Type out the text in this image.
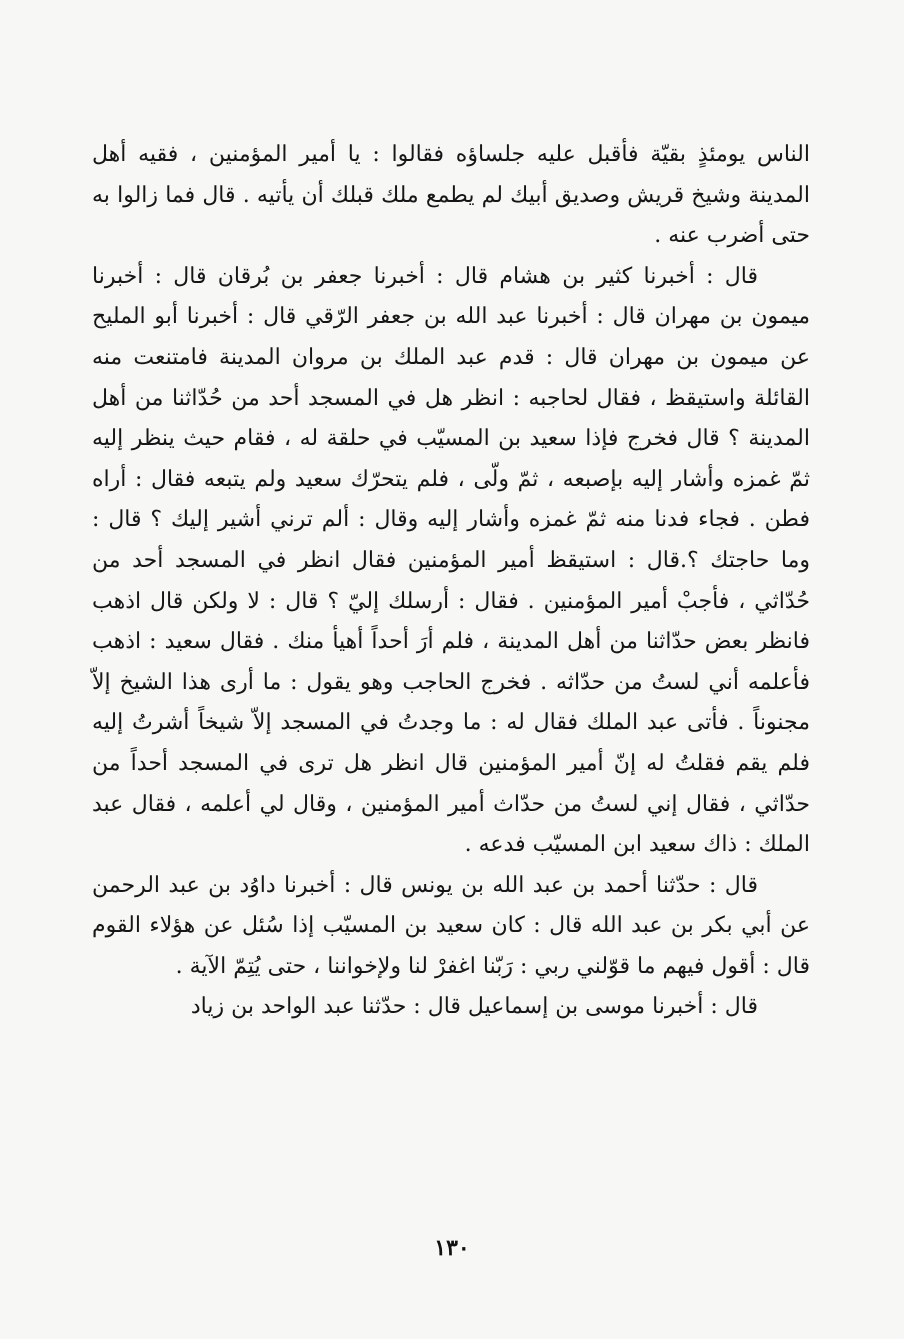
الناس يومئذٍ بقيّة فأقبل عليه جلساؤه فقالوا : يا أمير المؤمنين ، فقيه أهل المدينة وشيخ قريش وصديق أبيك لم يطمع ملك قبلك أن يأتيه . قال فما زالوا به حتى أضرب عنه .

قال : أخبرنا كثير بن هشام قال : أخبرنا جعفر بن بُرقان قال : أخبرنا ميمون بن مهران قال : أخبرنا عبد الله بن جعفر الرّقي قال : أخبرنا أبو المليح عن ميمون بن مهران قال : قدم عبد الملك بن مروان المدينة فامتنعت منه القائلة واستيقظ ، فقال لحاجبه : انظر هل في المسجد أحد من حُدّاثنا من أهل المدينة ؟ قال فخرج فإذا سعيد بن المسيّب في حلقة له ، فقام حيث ينظر إليه ثمّ غمزه وأشار إليه بإصبعه ، ثمّ ولّى ، فلم يتحرّك سعيد ولم يتبعه فقال : أراه فطن . فجاء فدنا منه ثمّ غمزه وأشار إليه وقال : ألم ترني أشير إليك ؟ قال : وما حاجتك ؟.قال : استيقظ أمير المؤمنين فقال انظر في المسجد أحد من حُدّاثي ، فأجبْ أمير المؤمنين . فقال : أرسلك إليّ ؟ قال : لا ولكن قال اذهب فانظر بعض حدّاثنا من أهل المدينة ، فلم أرَ أحداً أهيأ منك . فقال سعيد : اذهب فأعلمه أني لستُ من حدّاثه . فخرج الحاجب وهو يقول : ما أرى هذا الشيخ إلاّ مجنوناً . فأتى عبد الملك فقال له : ما وجدتُ في المسجد إلاّ شيخاً أشرتُ إليه فلم يقم فقلتُ له إنّ أمير المؤمنين قال انظر هل ترى في المسجد أحداً من حدّاثي ، فقال إني لستُ من حدّاث أمير المؤمنين ، وقال لي أعلمه ، فقال عبد الملك : ذاك سعيد ابن المسيّب فدعه .

قال : حدّثنا أحمد بن عبد الله بن يونس قال : أخبرنا داوُد بن عبد الرحمن عن أبي بكر بن عبد الله قال : كان سعيد بن المسيّب إذا سُئل عن هؤلاء القوم قال : أقول فيهم ما قوّلني ربي : رَبّنا اغفرْ لنا ولإخواننا ، حتى يُتِمّ الآية .

قال : أخبرنا موسى بن إسماعيل قال : حدّثنا عبد الواحد بن زياد

١٣٠
